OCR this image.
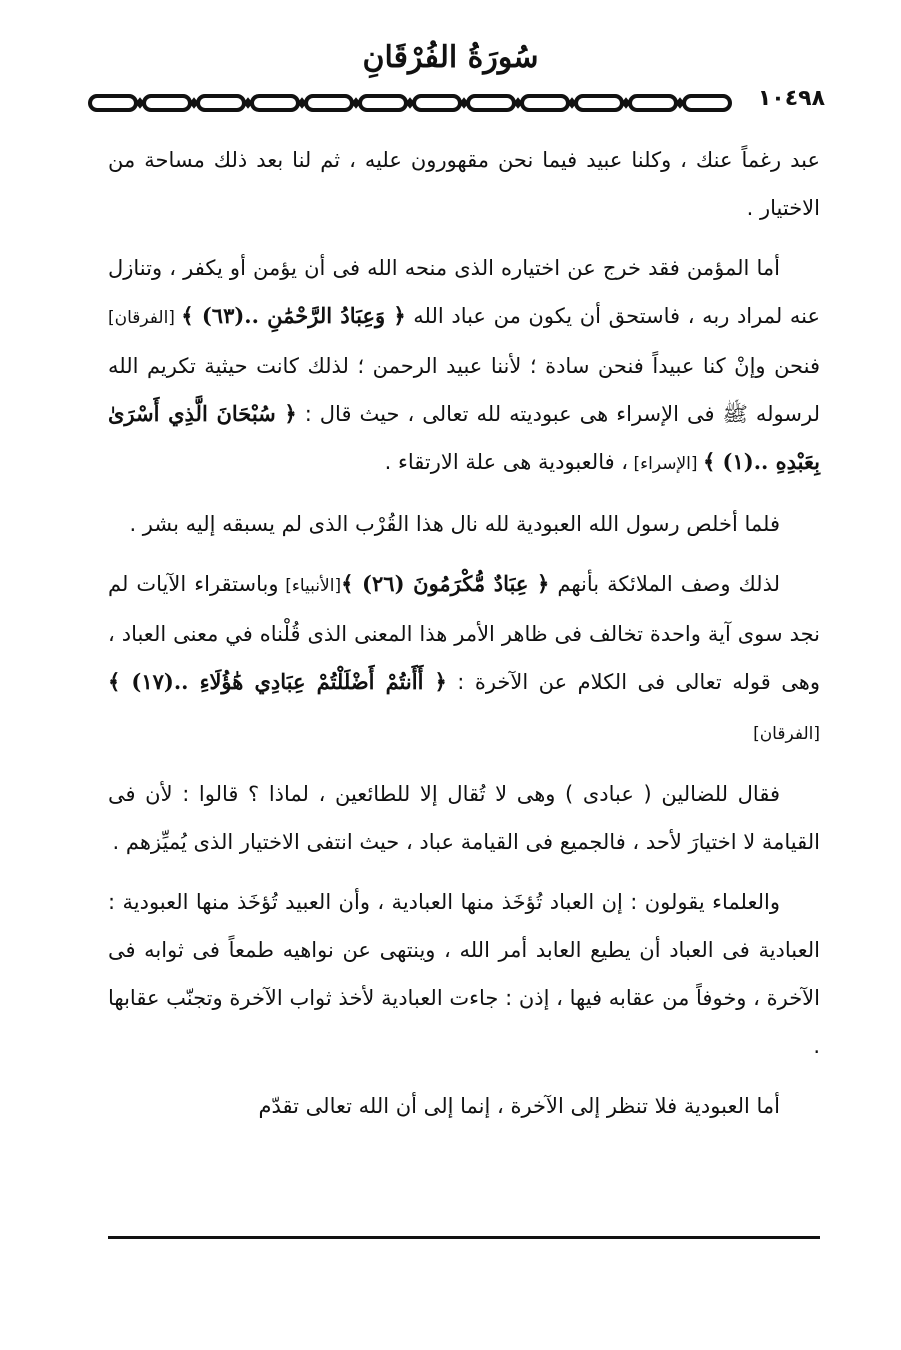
سُورَةُ الفُرْقَانِ
١٠٤٩٨

عبد رغماً عنك ، وكلنا عبيد فيما نحن مقهورون عليه ، ثم لنا بعد ذلك مساحة من الاختيار .

أما المؤمن فقد خرج عن اختياره الذى منحه الله فى أن يؤمن أو يكفر ، وتنازل عنه لمراد ربه ، فاستحق أن يكون من عباد الله ﴿ وَعِبَادُ الرَّحْمَٰنِ ..(٦٣) ﴾ [الفرقان] فنحن وإنْ كنا عبيداً فنحن سادة ؛ لأننا عبيد الرحمن ؛ لذلك كانت حيثية تكريم الله لرسوله ﷺ فى الإسراء هى عبوديته لله تعالى ، حيث قال : ﴿ سُبْحَانَ الَّذِي أَسْرَىٰ بِعَبْدِهِ ..(١) ﴾ [الإسراء] ، فالعبودية هى علة الارتقاء .

فلما أخلص رسول الله العبودية لله نال هذا القُرْب الذى لم يسبقه إليه بشر .

لذلك وصف الملائكة بأنهم ﴿ عِبَادٌ مُّكْرَمُونَ (٢٦) ﴾[الأنبياء] وباستقراء الآيات لم نجد سوى آية واحدة تخالف فى ظاهر الأمر هذا المعنى الذى قُلْناه في معنى العباد ، وهى قوله تعالى فى الكلام عن الآخرة : ﴿ أَأَنتُمْ أَضْلَلْتُمْ عِبَادِي هَٰؤُلَاءِ ..(١٧) ﴾ [الفرقان]

فقال للضالين ( عبادى ) وهى لا تُقال إلا للطائعين ، لماذا ؟ قالوا : لأن فى القيامة لا اختيارَ لأحد ، فالجميع فى القيامة عباد ، حيث انتفى الاختيار الذى يُميِّزهم .

والعلماء يقولون : إن العباد تُؤخَذ منها العبادية ، وأن العبيد تُؤخَذ منها العبودية : العبادية فى العباد أن يطيع العابد أمر الله ، وينتهى عن نواهيه طمعاً فى ثوابه فى الآخرة ، وخوفاً من عقابه فيها ، إذن : جاءت العبادية لأخذ ثواب الآخرة وتجنّب عقابها .

أما العبودية فلا تنظر إلى الآخرة ، إنما إلى أن الله تعالى تقدّم
